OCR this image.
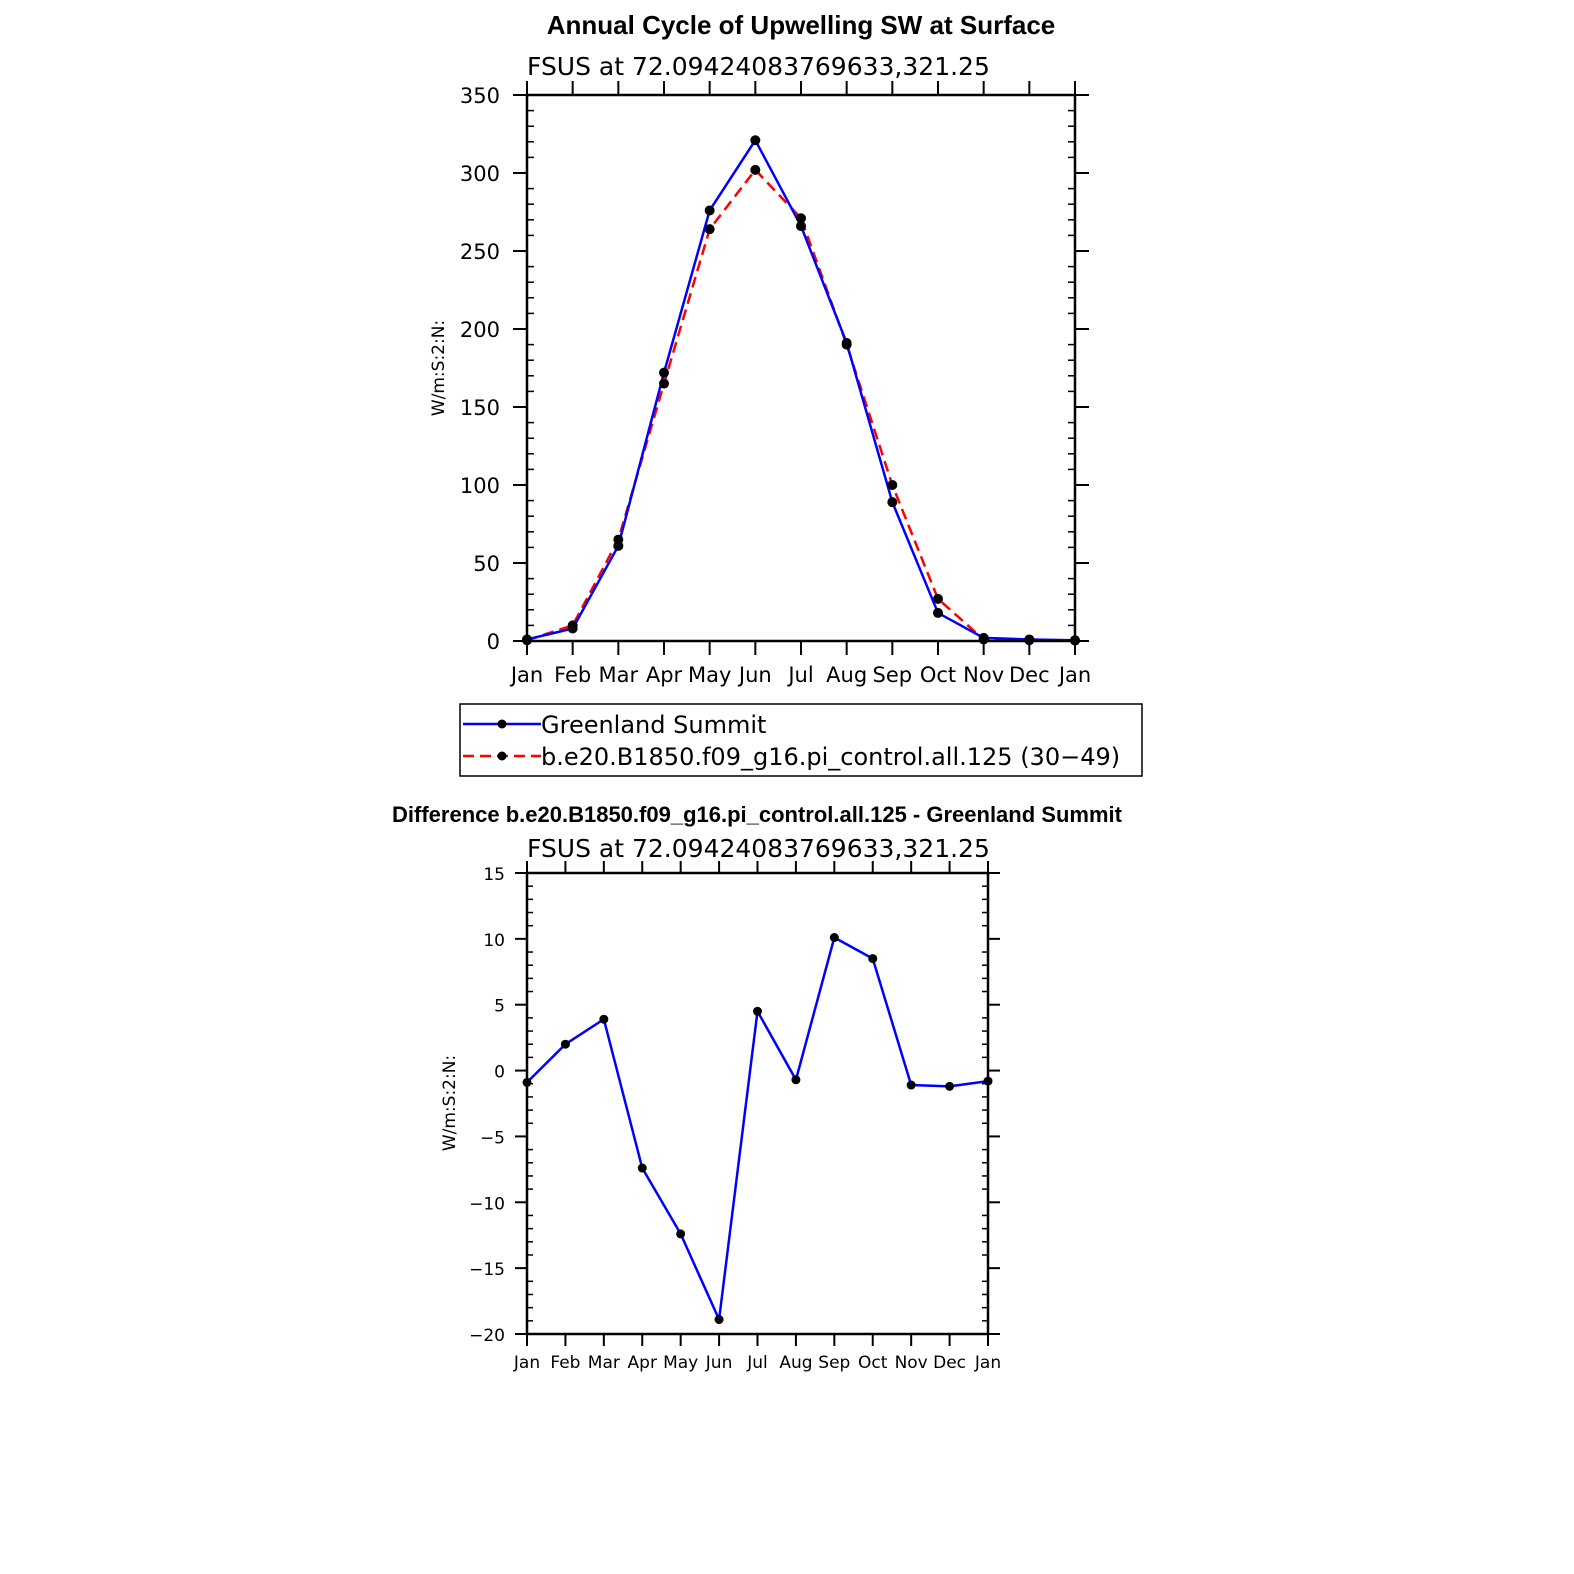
Annual Cycle of Upwelling SW at Surface
FSUS at 72.09424083769633,321.25
W/m:S:2:N:
Jan Feb Mar Apr May Jun Jul Aug Sep Oct Nov Dec Jan
0
50
100
150
200
250
300
350
Greenland Summit
b.e20.B1850.f09_g16.pi_control.all.125 (30−49)
Difference b.e20.B1850.f09_g16.pi_control.all.125 - Greenland Summit
FSUS at 72.09424083769633,321.25
W/m:S:2:N:
Jan Feb Mar Apr May Jun Jul Aug Sep Oct Nov Dec Jan
−20
−15
−10
−5
0
5
10
15
